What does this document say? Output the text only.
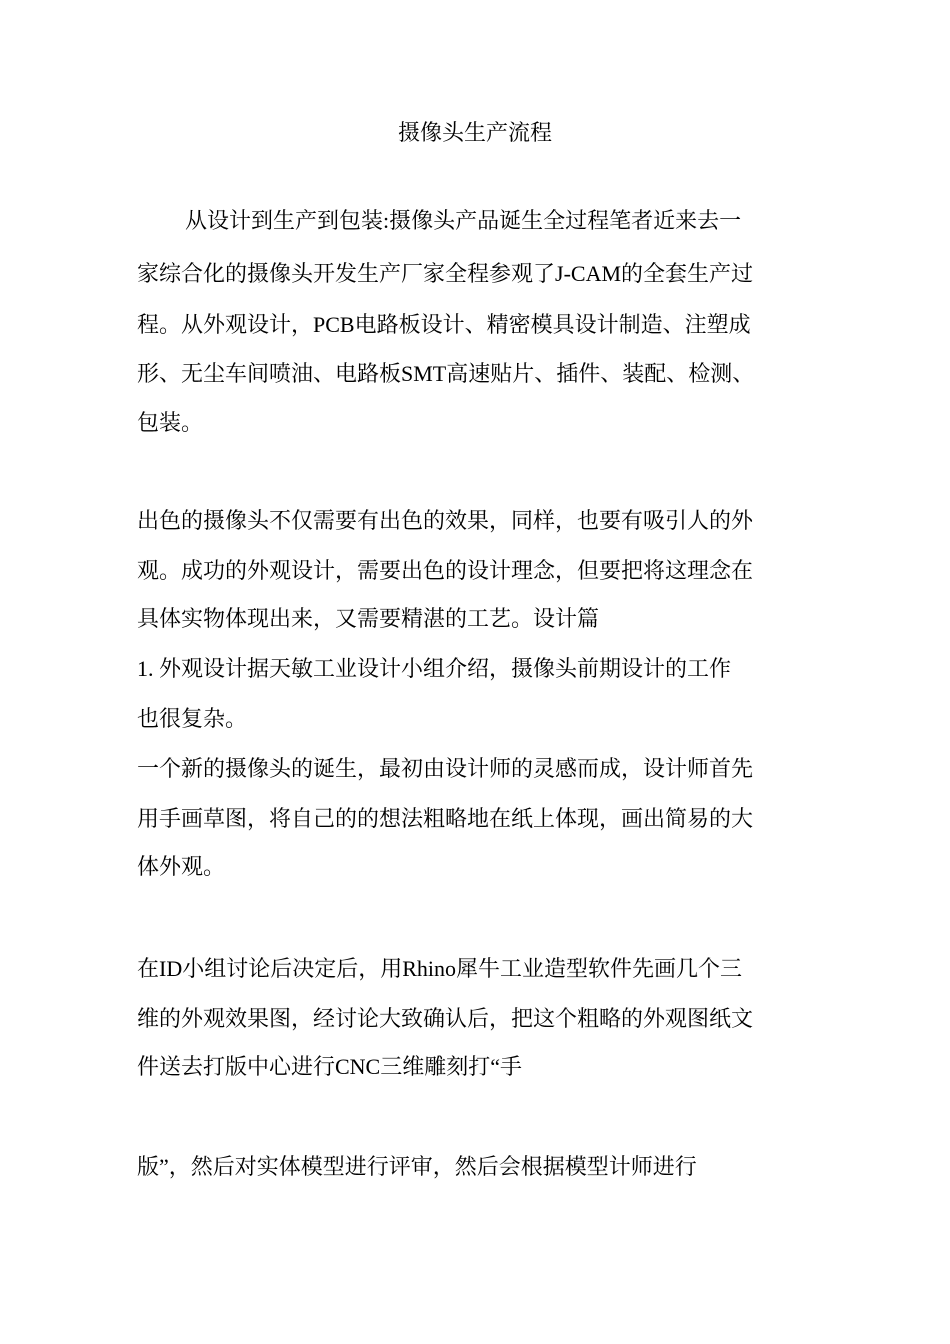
摄像头生产流程
从设计到生产到包装:摄像头产品诞生全过程笔者近来去一
家综合化的摄像头开发生产厂家全程参观了J-CAM的全套生产过
程。从外观设计，PCB电路板设计、精密模具设计制造、注塑成
形、无尘车间喷油、电路板SMT高速贴片、插件、装配、检测、
包装。
出色的摄像头不仅需要有出色的效果，同样，也要有吸引人的外
观。成功的外观设计，需要出色的设计理念，但要把将这理念在
具体实物体现出来，又需要精湛的工艺。设计篇
1. 外观设计据天敏工业设计小组介绍，摄像头前期设计的工作
也很复杂。
一个新的摄像头的诞生，最初由设计师的灵感而成，设计师首先
用手画草图，将自己的的想法粗略地在纸上体现，画出简易的大
体外观。
在ID小组讨论后决定后，用Rhino犀牛工业造型软件先画几个三
维的外观效果图，经讨论大致确认后，把这个粗略的外观图纸文
件送去打版中心进行CNC三维雕刻打“手
版”，然后对实体模型进行评审，然后会根据模型计师进行
